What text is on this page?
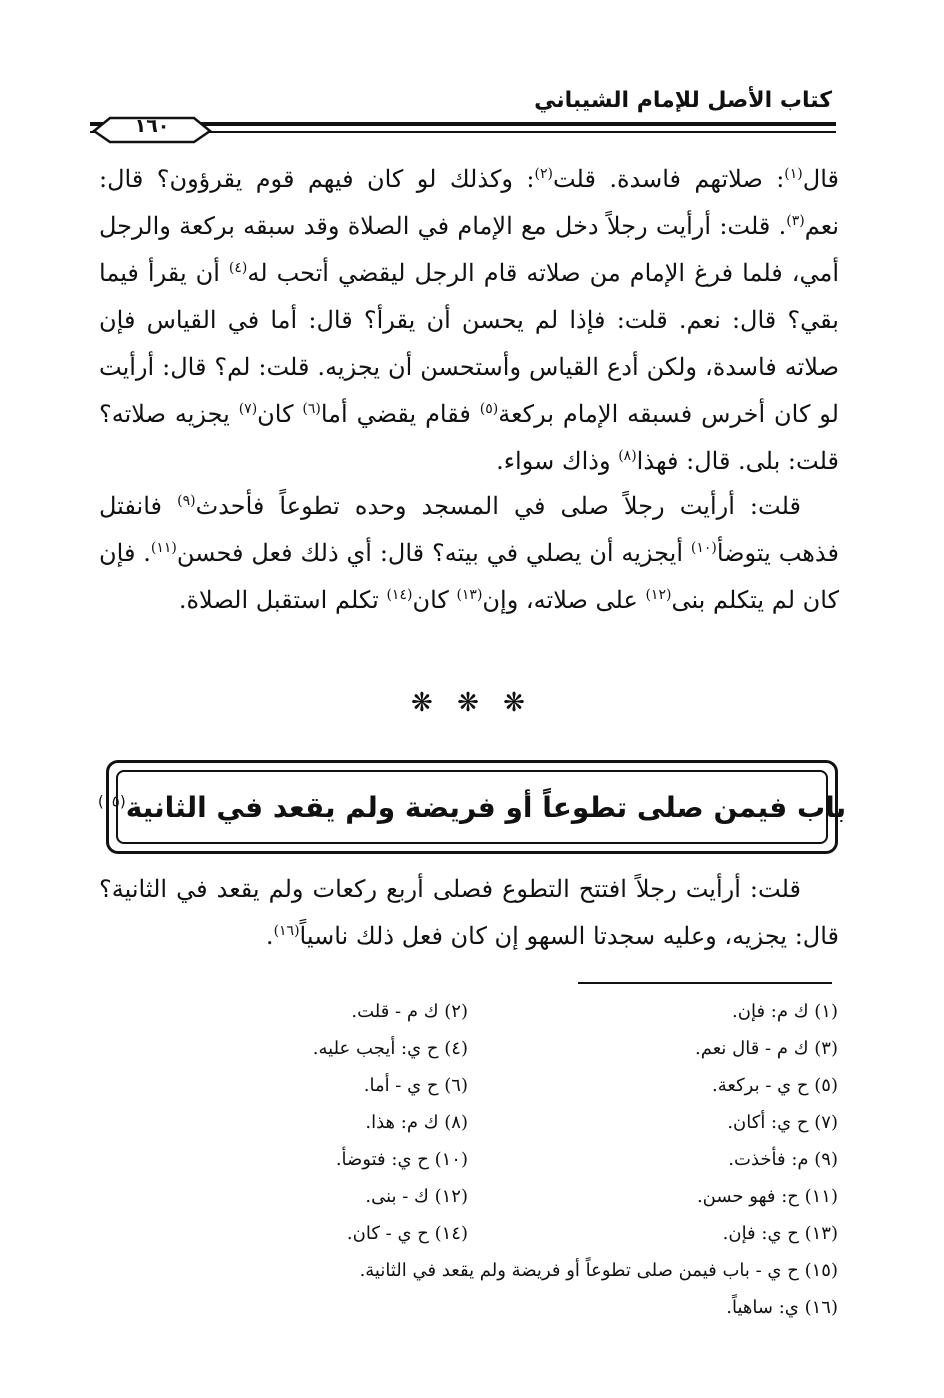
كتاب الأصل للإمام الشيباني
١٦٠
قال$^{(١)}$: صلاتهم فاسدة. قلت$^{(٢)}$: وكذلك لو كان فيهم قوم يقرؤون؟ قال: نعم$^{(٣)}$. قلت: أرأيت رجلاً دخل مع الإمام في الصلاة وقد سبقه بركعة والرجل أمي، فلما فرغ الإمام من صلاته قام الرجل ليقضي أتحب له$^{(٤)}$ أن يقرأ فيما بقي؟ قال: نعم. قلت: فإذا لم يحسن أن يقرأ؟ قال: أما في القياس فإن صلاته فاسدة، ولكن أدع القياس وأستحسن أن يجزيه. قلت: لم؟ قال: أرأيت لو كان أخرس فسبقه الإمام بركعة$^{(٥)}$ فقام يقضي أما$^{(٦)}$ كان$^{(٧)}$ يجزيه صلاته؟ قلت: بلى. قال: فهذا$^{(٨)}$ وذاك سواء.
قلت: أرأيت رجلاً صلى في المسجد وحده تطوعاً فأحدث$^{(٩)}$ فانفتل فذهب يتوضأ$^{(١٠)}$ أيجزيه أن يصلي في بيته؟ قال: أي ذلك فعل فحسن$^{(١١)}$. فإن كان لم يتكلم بنى$^{(١٢)}$ على صلاته، وإن$^{(١٣)}$ كان$^{(١٤)}$ تكلم استقبل الصلاة.
❋ ❋ ❋
باب فيمن صلى تطوعاً أو فريضة ولم يقعد في الثانية$^{(١٥)}$
قلت: أرأيت رجلاً افتتح التطوع فصلى أربع ركعات ولم يقعد في الثانية؟ قال: يجزيه، وعليه سجدتا السهو إن كان فعل ذلك ناسياً$^{(١٦)}$.
(١) ك م: فإن.
(٢) ك م - قلت.
(٣) ك م - قال نعم.
(٤) ح ي: أيجب عليه.
(٥) ح ي - بركعة.
(٦) ح ي - أما.
(٧) ح ي: أكان.
(٨) ك م: هذا.
(٩) م: فأخذت.
(١٠) ح ي: فتوضأ.
(١١) ح: فهو حسن.
(١٢) ك - بنى.
(١٣) ح ي: فإن.
(١٤) ح ي - كان.
(١٥) ح ي - باب فيمن صلى تطوعاً أو فريضة ولم يقعد في الثانية.
(١٦) ي: ساهياً.
